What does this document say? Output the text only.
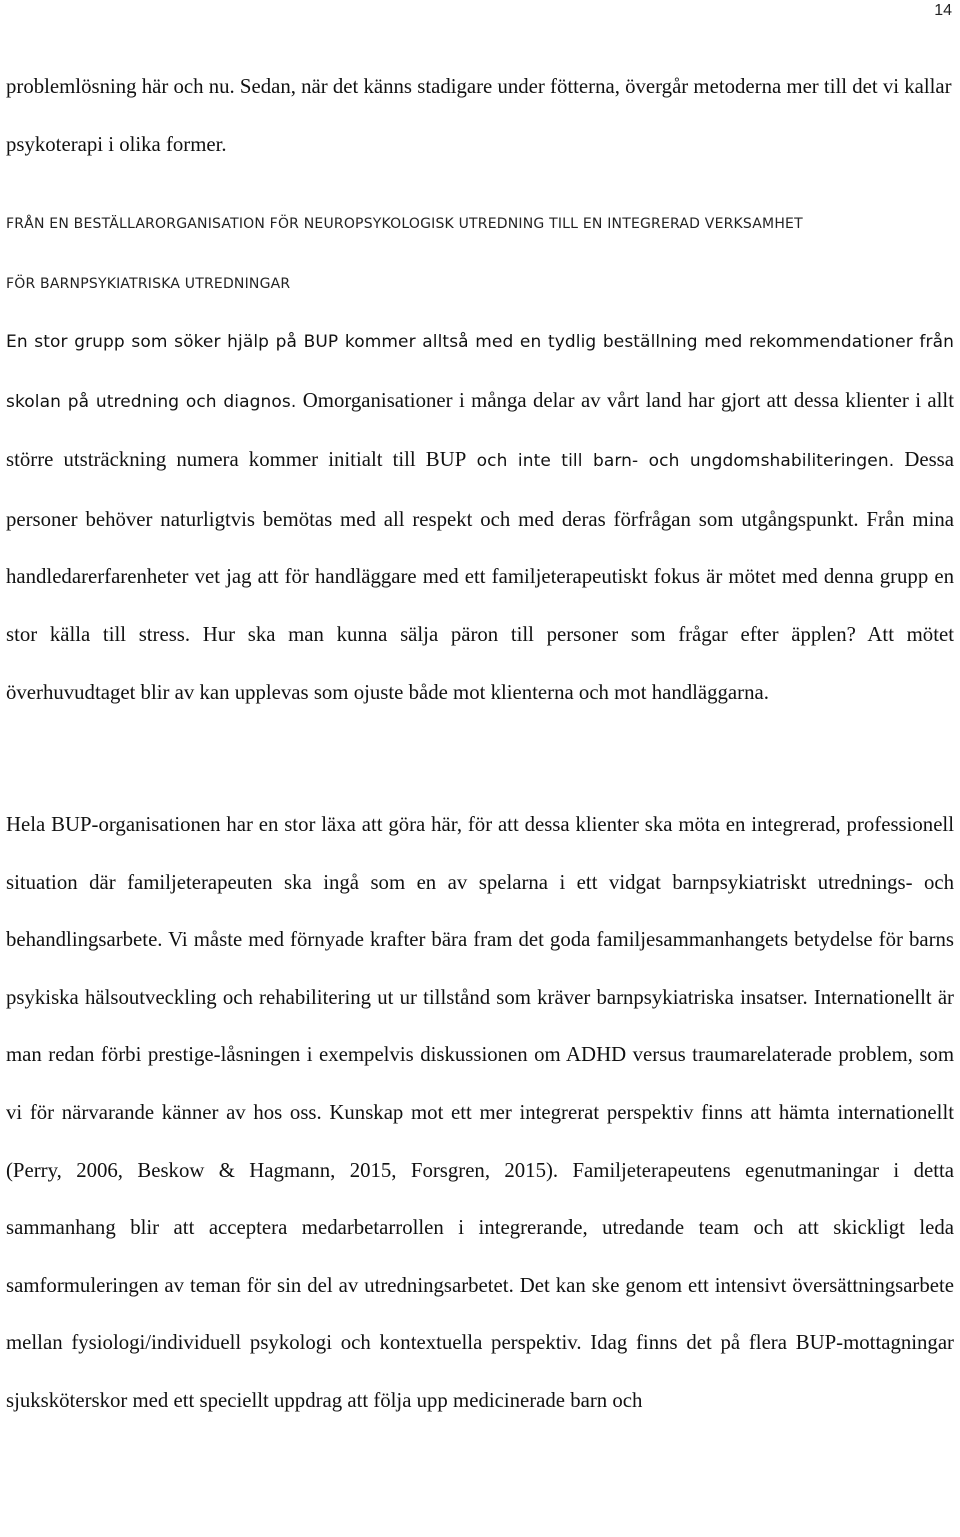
14

problemlösning här och nu. Sedan, när det känns stadigare under fötterna, övergår metoderna mer till det vi kallar psykoterapi i olika former.

FRÅN EN BESTÄLLARORGANISATION FÖR NEUROPSYKOLOGISK UTREDNING TILL EN INTEGRERAD VERKSAMHET
FÖR BARNPSYKIATRISKA UTREDNINGAR

En stor grupp som söker hjälp på BUP kommer alltså med en tydlig beställning med rekommendationer från skolan på utredning och diagnos. Omorganisationer i många delar av vårt land har gjort att dessa klienter i allt större utsträckning numera kommer initialt till BUP och inte till barn- och ungdomshabiliteringen. Dessa personer behöver naturligtvis bemötas med all respekt och med deras förfrågan som utgångspunkt. Från mina handledarerfarenheter vet jag att för handläggare med ett familjeterapeutiskt fokus är mötet med denna grupp en stor källa till stress. Hur ska man kunna sälja päron till personer som frågar efter äpplen? Att mötet överhuvudtaget blir av kan upplevas som ojuste både mot klienterna och mot handläggarna.

Hela BUP-organisationen har en stor läxa att göra här, för att dessa klienter ska möta en integrerad, professionell situation där familjeterapeuten ska ingå som en av spelarna i ett vidgat barnpsykiatriskt utrednings- och behandlingsarbete. Vi måste med förnyade krafter bära fram det goda familjesammanhangets betydelse för barns psykiska hälsoutveckling och rehabilitering ut ur tillstånd som kräver barnpsykiatriska insatser. Internationellt är man redan förbi prestige-låsningen i exempelvis diskussionen om ADHD versus traumarelaterade problem, som vi för närvarande känner av hos oss. Kunskap mot ett mer integrerat perspektiv finns att hämta internationellt (Perry, 2006, Beskow & Hagmann, 2015, Forsgren, 2015). Familjeterapeutens egenutmaningar i detta sammanhang blir att acceptera medarbetarrollen i integrerande, utredande team och att skickligt leda samformuleringen av teman för sin del av utredningsarbetet. Det kan ske genom ett intensivt översättningsarbete mellan fysiologi/individuell psykologi och kontextuella perspektiv. Idag finns det på flera BUP-mottagningar sjuksköterskor med ett speciellt uppdrag att följa upp medicinerade barn och
